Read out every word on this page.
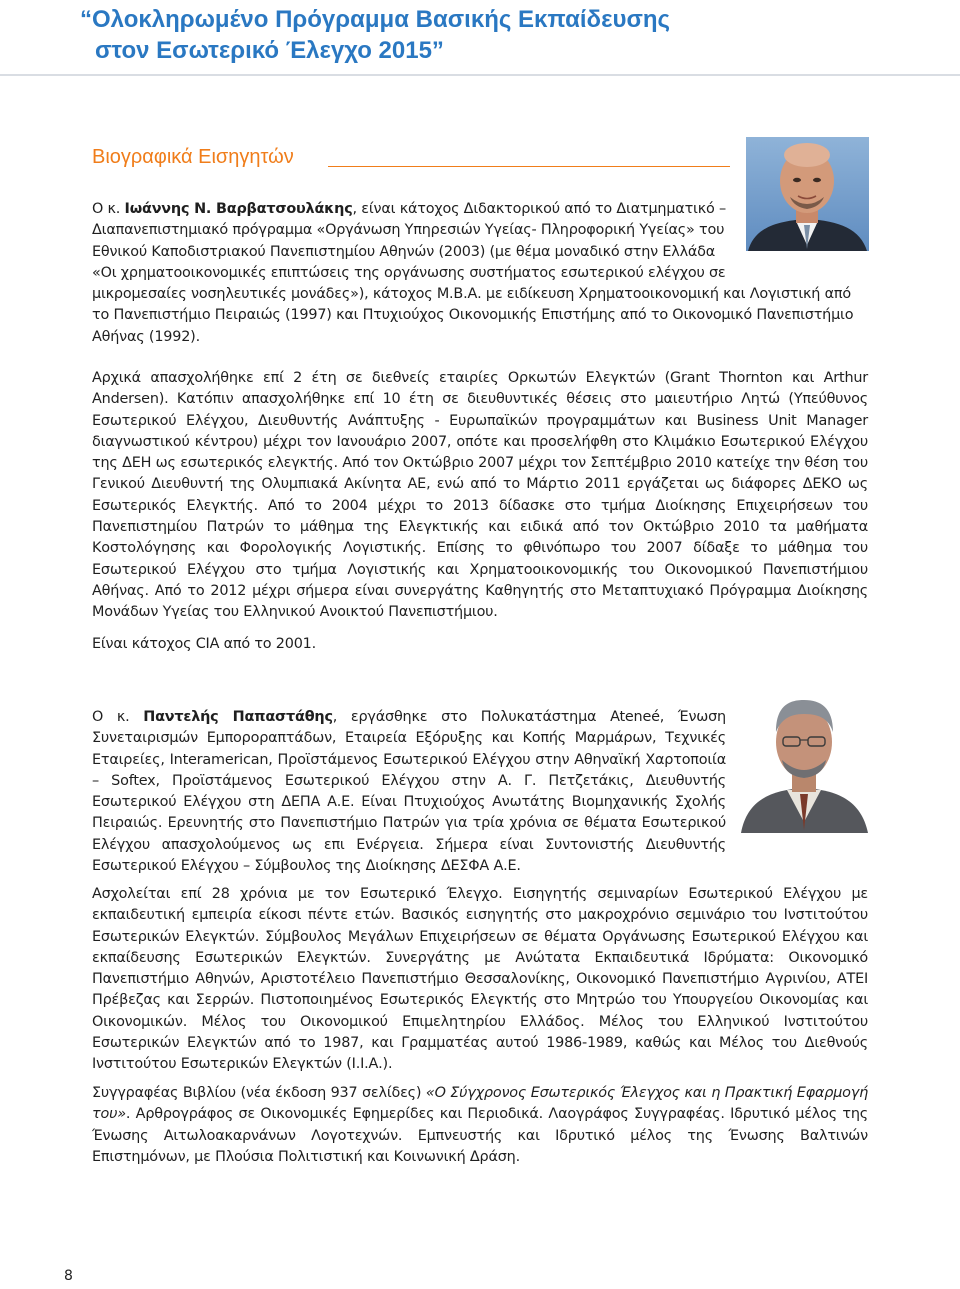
“Ολοκληρωμένο Πρόγραμμα Βασικής Εκπαίδευσης
στον Εσωτερικό Έλεγχο 2015”
Βιογραφικά Εισηγητών

Ο κ. Ιωάννης Ν. Βαρβατσουλάκης, είναι κάτοχος Διδακτορικού από το Διατμηματικό – Διαπανεπιστημιακό πρόγραμμα «Οργάνωση Υπηρεσιών Υγείας- Πληροφορική Υγείας» του Εθνικού Καποδιστριακού Πανεπιστημίου Αθηνών (2003) (με θέμα μοναδικό στην Ελλάδα «Οι χρηματοοικονομικές επιπτώσεις της οργάνωσης συστήματος εσωτερικού ελέγχου σε μικρομεσαίες νοσηλευτικές μονάδες»), κάτοχος Μ.Β.Α. με ειδίκευση Χρηματοοικονομική και Λογιστική από το Πανεπιστήμιο Πειραιώς (1997) και Πτυχιούχος Οικονομικής Επιστήμης από το Οικονομικό Πανεπιστήμιο Αθήνας (1992).

Αρχικά απασχολήθηκε επί 2 έτη σε διεθνείς εταιρίες Ορκωτών Ελεγκτών (Grant Thornton και Arthur Andersen). Κατόπιν απασχολήθηκε επί 10 έτη σε διευθυντικές θέσεις στο μαιευτήριο Λητώ (Υπεύθυνος Εσωτερικού Ελέγχου, Διευθυντής Ανάπτυξης - Ευρωπαϊκών προγραμμάτων και Business Unit Manager διαγνωστικού κέντρου) μέχρι τον Ιανουάριο 2007, οπότε και προσελήφθη στο Κλιμάκιο Εσωτερικού Ελέγχου της ΔΕΗ ως εσωτερικός ελεγκτής. Από τον Οκτώβριο 2007 μέχρι τον Σεπτέμβριο 2010 κατείχε την θέση του Γενικού Διευθυντή της Ολυμπιακά Ακίνητα ΑΕ, ενώ από το Μάρτιο 2011 εργάζεται ως διάφορες ΔΕΚΟ ως Εσωτερικός Ελεγκτής. Από το 2004 μέχρι το 2013 δίδασκε στο τμήμα Διοίκησης Επιχειρήσεων του Πανεπιστημίου Πατρών το μάθημα της Ελεγκτικής και ειδικά από τον Οκτώβριο 2010 τα μαθήματα Κοστολόγησης και Φορολογικής Λογιστικής. Επίσης το φθινόπωρο του 2007 δίδαξε το μάθημα του Εσωτερικού Ελέγχου στο τμήμα Λογιστικής και Χρηματοοικονομικής του Οικονομικού Πανεπιστήμιου Αθήνας. Από το 2012 μέχρι σήμερα είναι συνεργάτης Καθηγητής στο Μεταπτυχιακό Πρόγραμμα Διοίκησης Μονάδων Υγείας του Ελληνικού Ανοικτού Πανεπιστήμιου.

Είναι κάτοχος CIA από το 2001.

Ο κ. Παντελής Παπαστάθης, εργάσθηκε στο Πολυκατάστημα Ateneé, Ένωση Συνεταιρισμών Εμποροραπτάδων, Εταιρεία Εξόρυξης και Κοπής Μαρμάρων, Τεχνικές Εταιρείες, Interamerican, Προϊστάμενος Εσωτερικού Ελέγχου στην Αθηναϊκή Χαρτοποιία – Softex, Προϊστάμενος Εσωτερικού Ελέγχου στην Α. Γ. Πετζετάκις, Διευθυντής Εσωτερικού Ελέγχου στη ΔΕΠΑ Α.Ε. Είναι Πτυχιούχος Ανωτάτης Βιομηχανικής Σχολής Πειραιώς. Ερευνητής στο Πανεπιστήμιο Πατρών για τρία χρόνια σε θέματα Εσωτερικού Ελέγχου απασχολούμενος ως επι Ενέργεια. Σήμερα είναι Συντονιστής Διευθυντής Εσωτερικού Ελέγχου – Σύμβουλος της Διοίκησης ΔΕΣΦΑ Α.Ε.

Ασχολείται επί 28 χρόνια με τον Εσωτερικό Έλεγχο. Εισηγητής σεμιναρίων Εσωτερικού Ελέγχου με εκπαιδευτική εμπειρία είκοσι πέντε ετών. Βασικός εισηγητής στο μακροχρόνιο σεμινάριο του Ινστιτούτου Εσωτερικών Ελεγκτών. Σύμβουλος Μεγάλων Επιχειρήσεων σε θέματα Οργάνωσης Εσωτερικού Ελέγχου και εκπαίδευσης Εσωτερικών Ελεγκτών. Συνεργάτης με Ανώτατα Εκπαιδευτικά Ιδρύματα: Οικονομικό Πανεπιστήμιο Αθηνών, Αριστοτέλειο Πανεπιστήμιο Θεσσαλονίκης, Οικονομικό Πανεπιστήμιο Αγρινίου, ΑΤΕΙ Πρέβεζας και Σερρών. Πιστοποιημένος Εσωτερικός Ελεγκτής στο Μητρώο του Υπουργείου Οικονομίας και Οικονομικών. Μέλος του Οικονομικού Επιμελητηρίου Ελλάδος. Μέλος του Ελληνικού Ινστιτούτου Εσωτερικών Ελεγκτών από το 1987, και Γραμματέας αυτού 1986-1989, καθώς και Μέλος του Διεθνούς Ινστιτούτου Εσωτερικών Ελεγκτών (Ι.Ι.Α.).

Συγγραφέας Βιβλίου (νέα έκδοση 937 σελίδες) «Ο Σύγχρονος Εσωτερικός Έλεγχος και η Πρακτική Εφαρμογή του». Αρθρογράφος σε Οικονομικές Εφημερίδες και Περιοδικά. Λαογράφος Συγγραφέας. Ιδρυτικό μέλος της Ένωσης Αιτωλοακαρνάνων Λογοτεχνών. Εμπνευστής και Ιδρυτικό μέλος της Ένωσης Βαλτινών Επιστημόνων, με Πλούσια Πολιτιστική και Κοινωνική Δράση.

8
